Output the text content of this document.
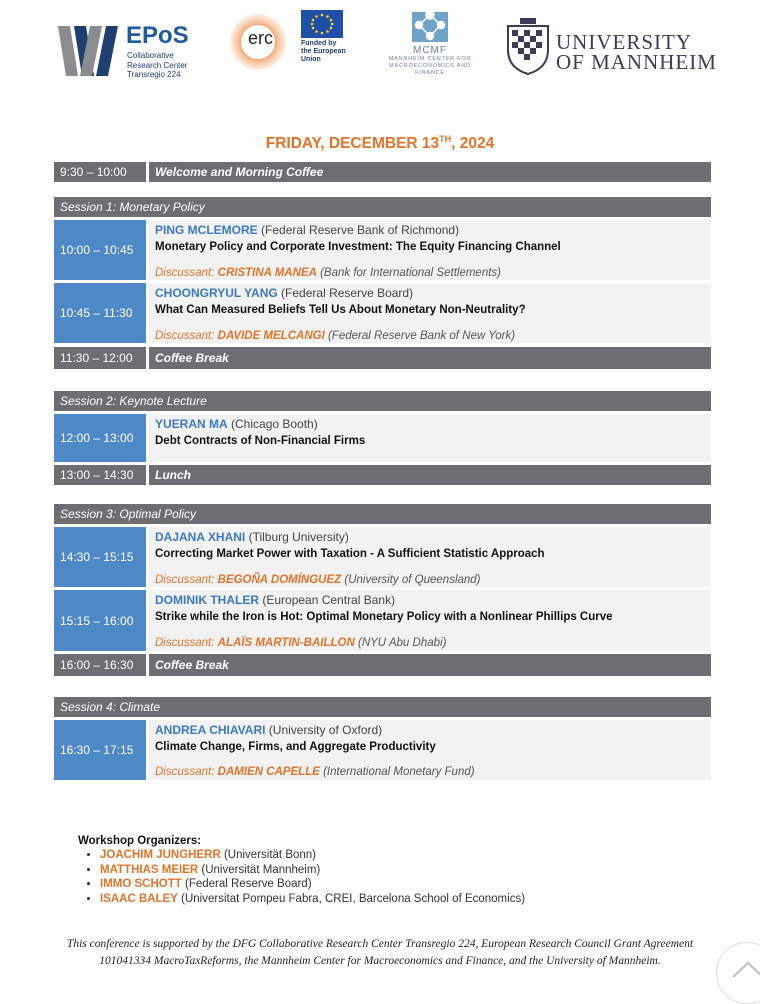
EPoS
Collaborative
Research Center
Transregio 224
erc	Funded by
the European
Union
MCMF
MANNHEIM CENTER FOR
MACROECONOMICS AND FINANCE
UNIVERSITY
OF MANNHEIM
FRIDAY, DECEMBER 13TH, 2024
9:30 – 10:00	Welcome and Morning Coffee
Session 1: Monetary Policy
10:00 – 10:45
PING MCLEMORE (Federal Reserve Bank of Richmond)
Monetary Policy and Corporate Investment: The Equity Financing Channel
Discussant: CRISTINA MANEA (Bank for International Settlements)
10:45 – 11:30
CHOONGRYUL YANG (Federal Reserve Board)
What Can Measured Beliefs Tell Us About Monetary Non-Neutrality?
Discussant: DAVIDE MELCANGI (Federal Reserve Bank of New York)
11:30 – 12:00	Coffee Break
Session 2: Keynote Lecture
12:00 – 13:00
YUERAN MA (Chicago Booth)
Debt Contracts of Non-Financial Firms
13:00 – 14:30	Lunch
Session 3: Optimal Policy
14:30 – 15:15
DAJANA XHANI (Tilburg University)
Correcting Market Power with Taxation - A Sufficient Statistic Approach
Discussant: BEGOÑA DOMÍNGUEZ (University of Queensland)
15:15 – 16:00
DOMINIK THALER (European Central Bank)
Strike while the Iron is Hot: Optimal Monetary Policy with a Nonlinear Phillips Curve
Discussant: ALAÏS MARTIN-BAILLON (NYU Abu Dhabi)
16:00 – 16:30	Coffee Break
Session 4: Climate
16:30 – 17:15
ANDREA CHIAVARI (University of Oxford)
Climate Change, Firms, and Aggregate Productivity
Discussant: DAMIEN CAPELLE (International Monetary Fund)
Workshop Organizers:
• JOACHIM JUNGHERR (Universität Bonn)
• MATTHIAS MEIER (Universität Mannheim)
• IMMO SCHOTT (Federal Reserve Board)
• ISAAC BALEY (Universitat Pompeu Fabra, CREI, Barcelona School of Economics)
This conference is supported by the DFG Collaborative Research Center Transregio 224, European Research Council Grant Agreement
101041334 MacroTaxReforms, the Mannheim Center for Macroeconomics and Finance, and the University of Mannheim.
